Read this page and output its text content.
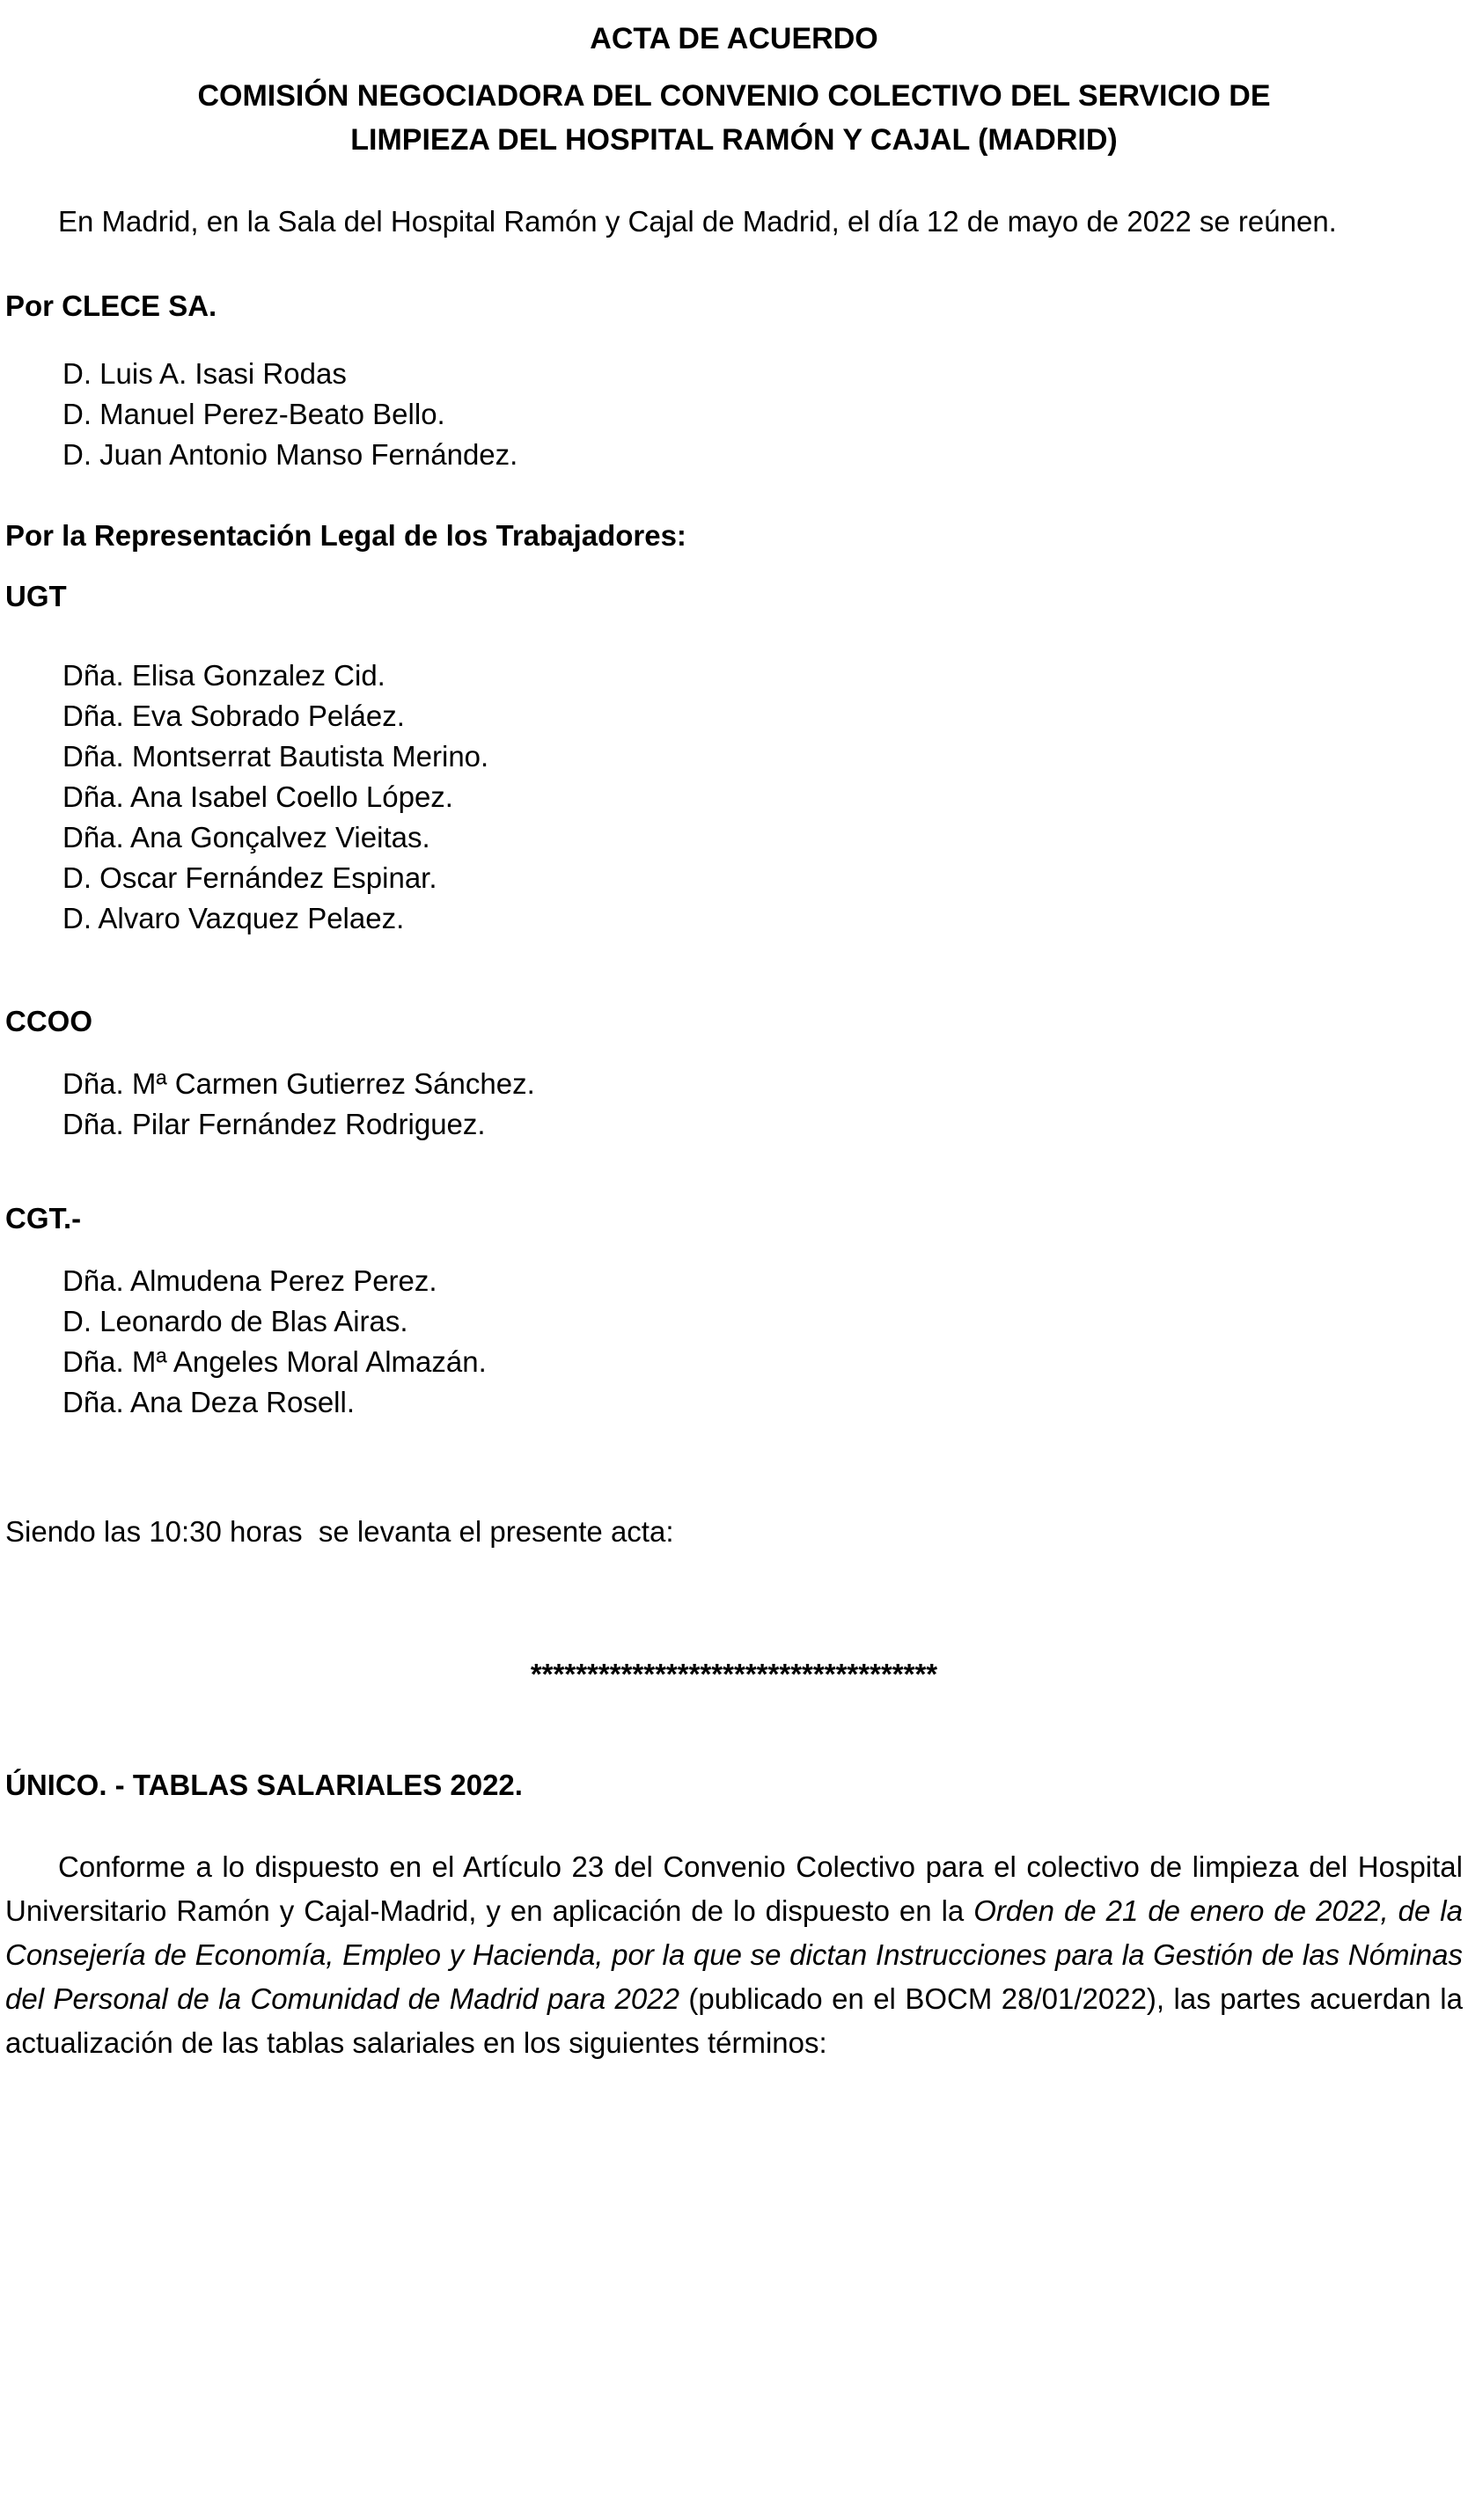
ACTA DE ACUERDO
COMISIÓN NEGOCIADORA DEL CONVENIO COLECTIVO DEL SERVICIO DE LIMPIEZA DEL HOSPITAL RAMÓN Y CAJAL (MADRID)

En Madrid, en la Sala del Hospital Ramón y Cajal de Madrid, el día 12 de mayo de 2022 se reúnen.

Por CLECE SA.

D. Luis A. Isasi Rodas
D. Manuel Perez-Beato Bello.
D. Juan Antonio Manso Fernández.

Por la Representación Legal de los Trabajadores:

UGT

Dña. Elisa Gonzalez Cid.
Dña. Eva Sobrado Peláez.
Dña. Montserrat Bautista Merino.
Dña. Ana Isabel Coello López.
Dña. Ana Gonçalvez Vieitas.
D. Oscar Fernández Espinar.
D. Alvaro Vazquez Pelaez.

CCOO

Dña. Mª Carmen Gutierrez Sánchez.
Dña. Pilar Fernández Rodriguez.

CGT.-

Dña. Almudena Perez Perez.
D. Leonardo de Blas Airas.
Dña. Mª Angeles Moral Almazán.
Dña. Ana Deza Rosell.

Siendo las 10:30 horas  se levanta el presente acta:

************************************

ÚNICO. - TABLAS SALARIALES 2022.

Conforme a lo dispuesto en el Artículo 23 del Convenio Colectivo para el colectivo de limpieza del Hospital Universitario Ramón y Cajal-Madrid, y en aplicación de lo dispuesto en la Orden de 21 de enero de 2022, de la Consejería de Economía, Empleo y Hacienda, por la que se dictan Instrucciones para la Gestión de las Nóminas del Personal de la Comunidad de Madrid para 2022 (publicado en el BOCM 28/01/2022), las partes acuerdan la actualización de las tablas salariales en los siguientes términos:
